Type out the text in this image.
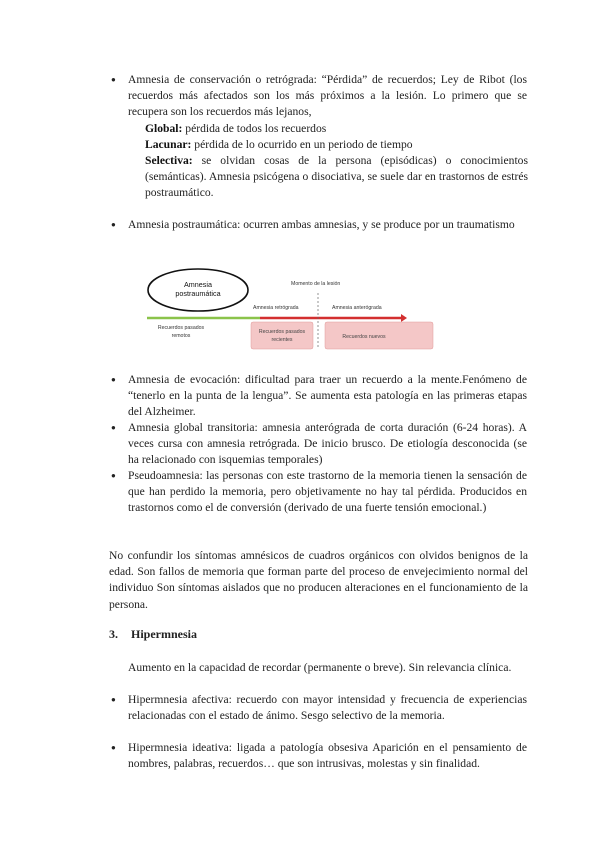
● Amnesia de conservación o retrógrada: “Pérdida” de recuerdos; Ley de Ribot (los recuerdos más afectados son los más próximos a la lesión. Lo primero que se recupera son los recuerdos más lejanos,

Global: pérdida de todos los recuerdos

Lacunar: pérdida de lo ocurrido en un periodo de tiempo

Selectiva: se olvidan cosas de la persona (episódicas) o conocimientos (semánticas). Amnesia psicógena o disociativa, se suele dar en trastornos de estrés postraumático.

● Amnesia postraumática: ocurren ambas amnesias, y se produce por un traumatismo

Amnesia
postraumática
Momento de la lesión
Amnesia retrógrada	Amnesia anterógrada
Recuerdos pasados
remotos
Recuerdos pasados
recientes	Recuerdos nuevos

● Amnesia de evocación: dificultad para traer un recuerdo a la mente.Fenómeno de “tenerlo en la punta de la lengua”. Se aumenta esta patología en las primeras etapas del Alzheimer.

● Amnesia global transitoria: amnesia anterógrada de corta duración (6-24 horas). A veces cursa con amnesia retrógrada. De inicio brusco. De etiología desconocida (se ha relacionado con isquemias temporales)

● Pseudoamnesia: las personas con este trastorno de la memoria tienen la sensación de que han perdido la memoria, pero objetivamente no hay tal pérdida. Producidos en trastornos como el de conversión (derivado de una fuerte tensión emocional.)

No confundir los síntomas amnésicos de cuadros orgánicos con olvidos benignos de la edad. Son fallos de memoria que forman parte del proceso de envejecimiento normal del individuo Son síntomas aislados que no producen alteraciones en el funcionamiento de la persona.

3. Hipermnesia

Aumento en la capacidad de recordar (permanente o breve). Sin relevancia clínica.

● Hipermnesia afectiva: recuerdo con mayor intensidad y frecuencia de experiencias relacionadas con el estado de ánimo. Sesgo selectivo de la memoria.

● Hipermnesia ideativa: ligada a patología obsesiva Aparición en el pensamiento de nombres, palabras, recuerdos… que son intrusivas, molestas y sin finalidad.
